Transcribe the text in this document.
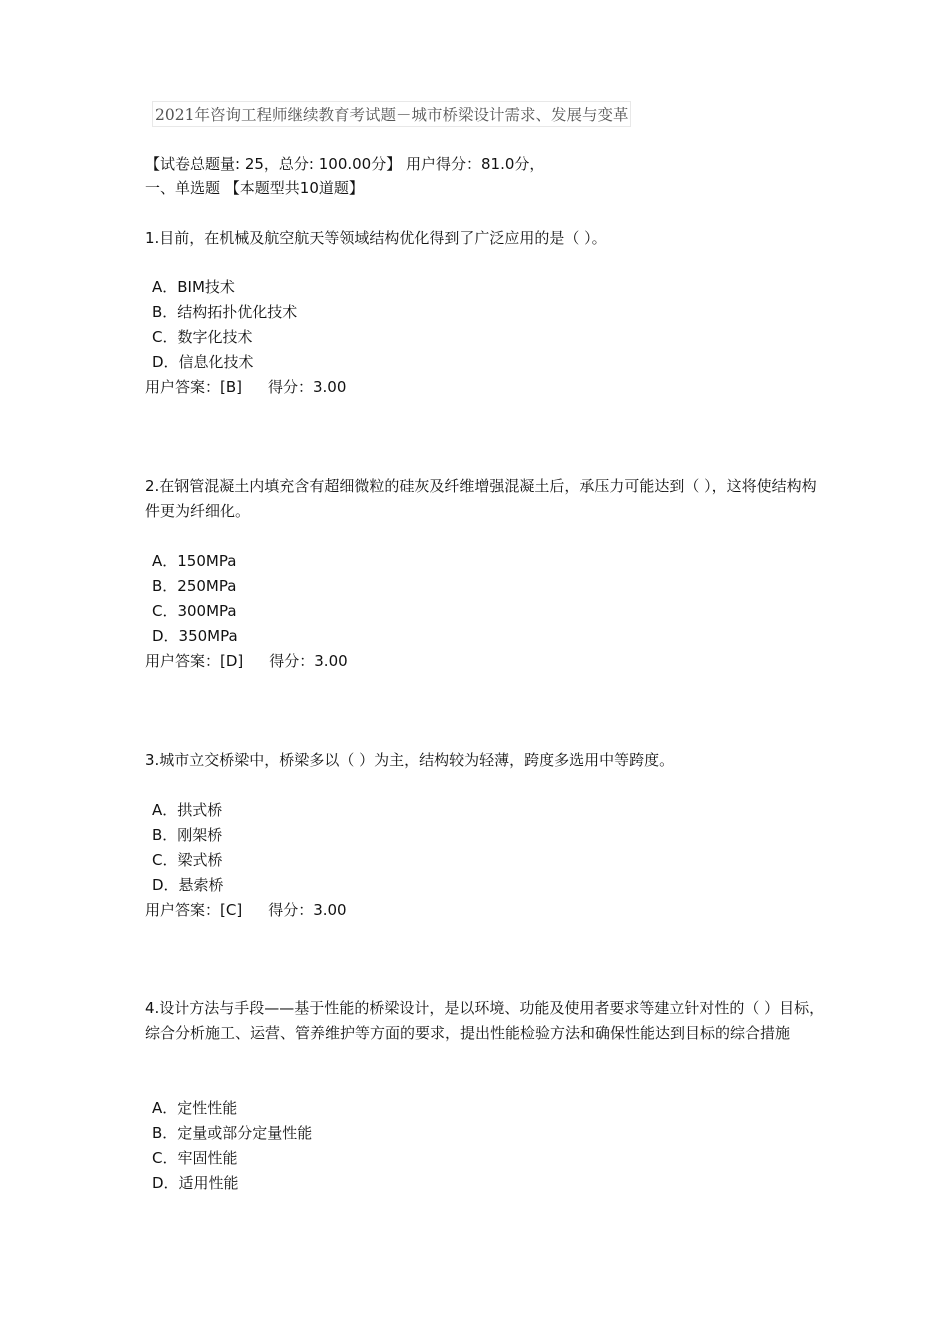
2021年咨询工程师继续教育考试题－城市桥梁设计需求、发展与变革
【试卷总题量: 25，总分: 100.00分】 用户得分：81.0分，
一、单选题 【本题型共10道题】
1.目前，在机械及航空航天等领域结构优化得到了广泛应用的是（ ）。
A．BIM技术
B．结构拓扑优化技术
C．数字化技术
D．信息化技术
用户答案：[B] 得分：3.00
2.在钢管混凝土内填充含有超细微粒的硅灰及纤维增强混凝土后，承压力可能达到（ ），这将使结构构件更为纤细化。
A．150MPa
B．250MPa
C．300MPa
D．350MPa
用户答案：[D] 得分：3.00
3.城市立交桥梁中，桥梁多以（ ）为主，结构较为轻薄，跨度多选用中等跨度。
A．拱式桥
B．刚架桥
C．梁式桥
D．悬索桥
用户答案：[C] 得分：3.00
4.设计方法与手段——基于性能的桥梁设计，是以环境、功能及使用者要求等建立针对性的（ ）目标，综合分析施工、运营、管养维护等方面的要求，提出性能检验方法和确保性能达到目标的综合措施
A．定性性能
B．定量或部分定量性能
C．牢固性能
D．适用性能
